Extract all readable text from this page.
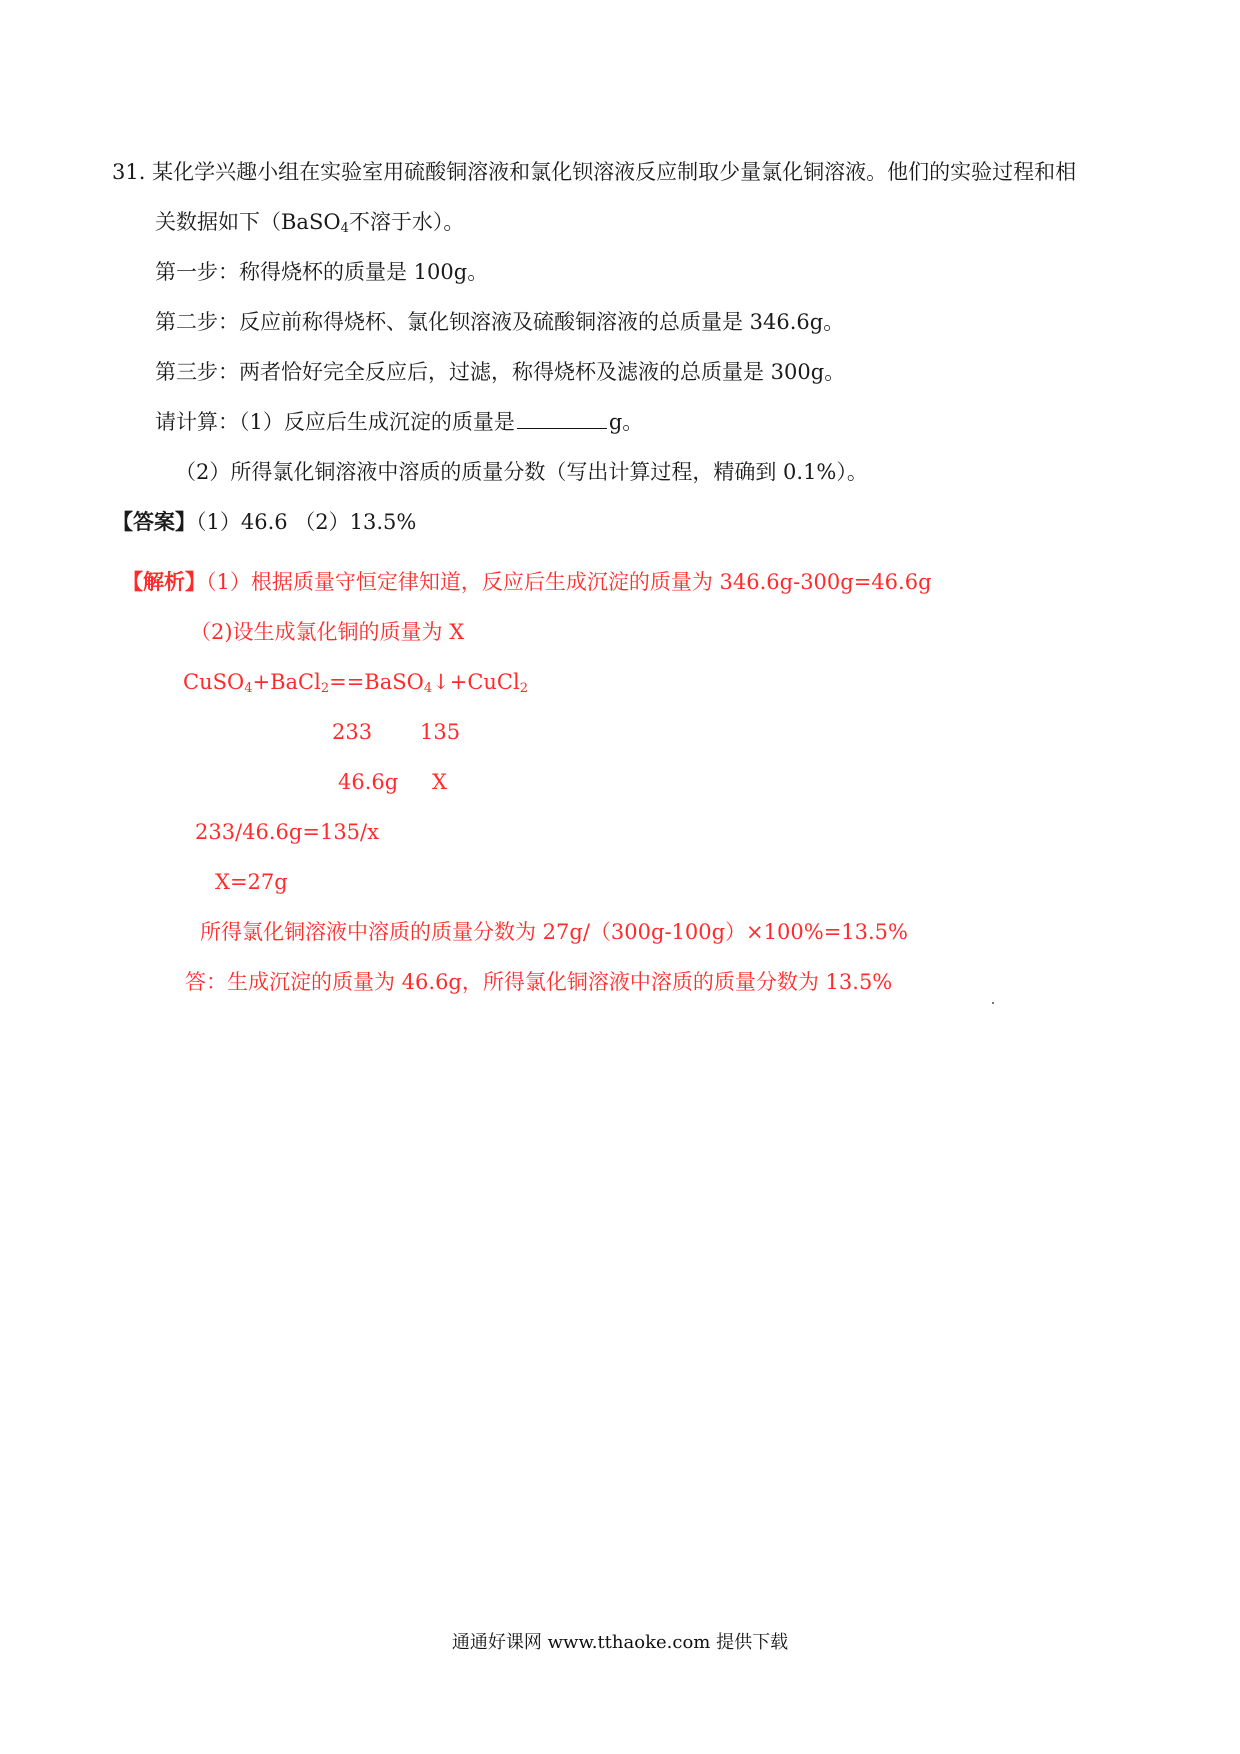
31. 某化学兴趣小组在实验室用硫酸铜溶液和氯化钡溶液反应制取少量氯化铜溶液。他们的实验过程和相
关数据如下（BaSO$_4$不溶于水）。
第一步：称得烧杯的质量是 100g。
第二步：反应前称得烧杯、氯化钡溶液及硫酸铜溶液的总质量是 346.6g。
第三步：两者恰好完全反应后，过滤，称得烧杯及滤液的总质量是 300g。
请计算：（1）反应后生成沉淀的质量是	g。
（2）所得氯化铜溶液中溶质的质量分数（写出计算过程，精确到 0.1%）。
【答案】（1）46.6 （2）13.5%
【解析】（1）根据质量守恒定律知道，反应后生成沉淀的质量为 346.6g-300g=46.6g
（2)设生成氯化铜的质量为 X
CuSO$_4$+BaCl$_2$==BaSO$_4$↓+CuCl$_2$
233 135
46.6g X
233/46.6g=135/x
X=27g
所得氯化铜溶液中溶质的质量分数为 27g/（300g-100g）×100%=13.5%
答：生成沉淀的质量为 46.6g，所得氯化铜溶液中溶质的质量分数为 13.5%
通通好课网 www.tthaoke.com 提供下载
